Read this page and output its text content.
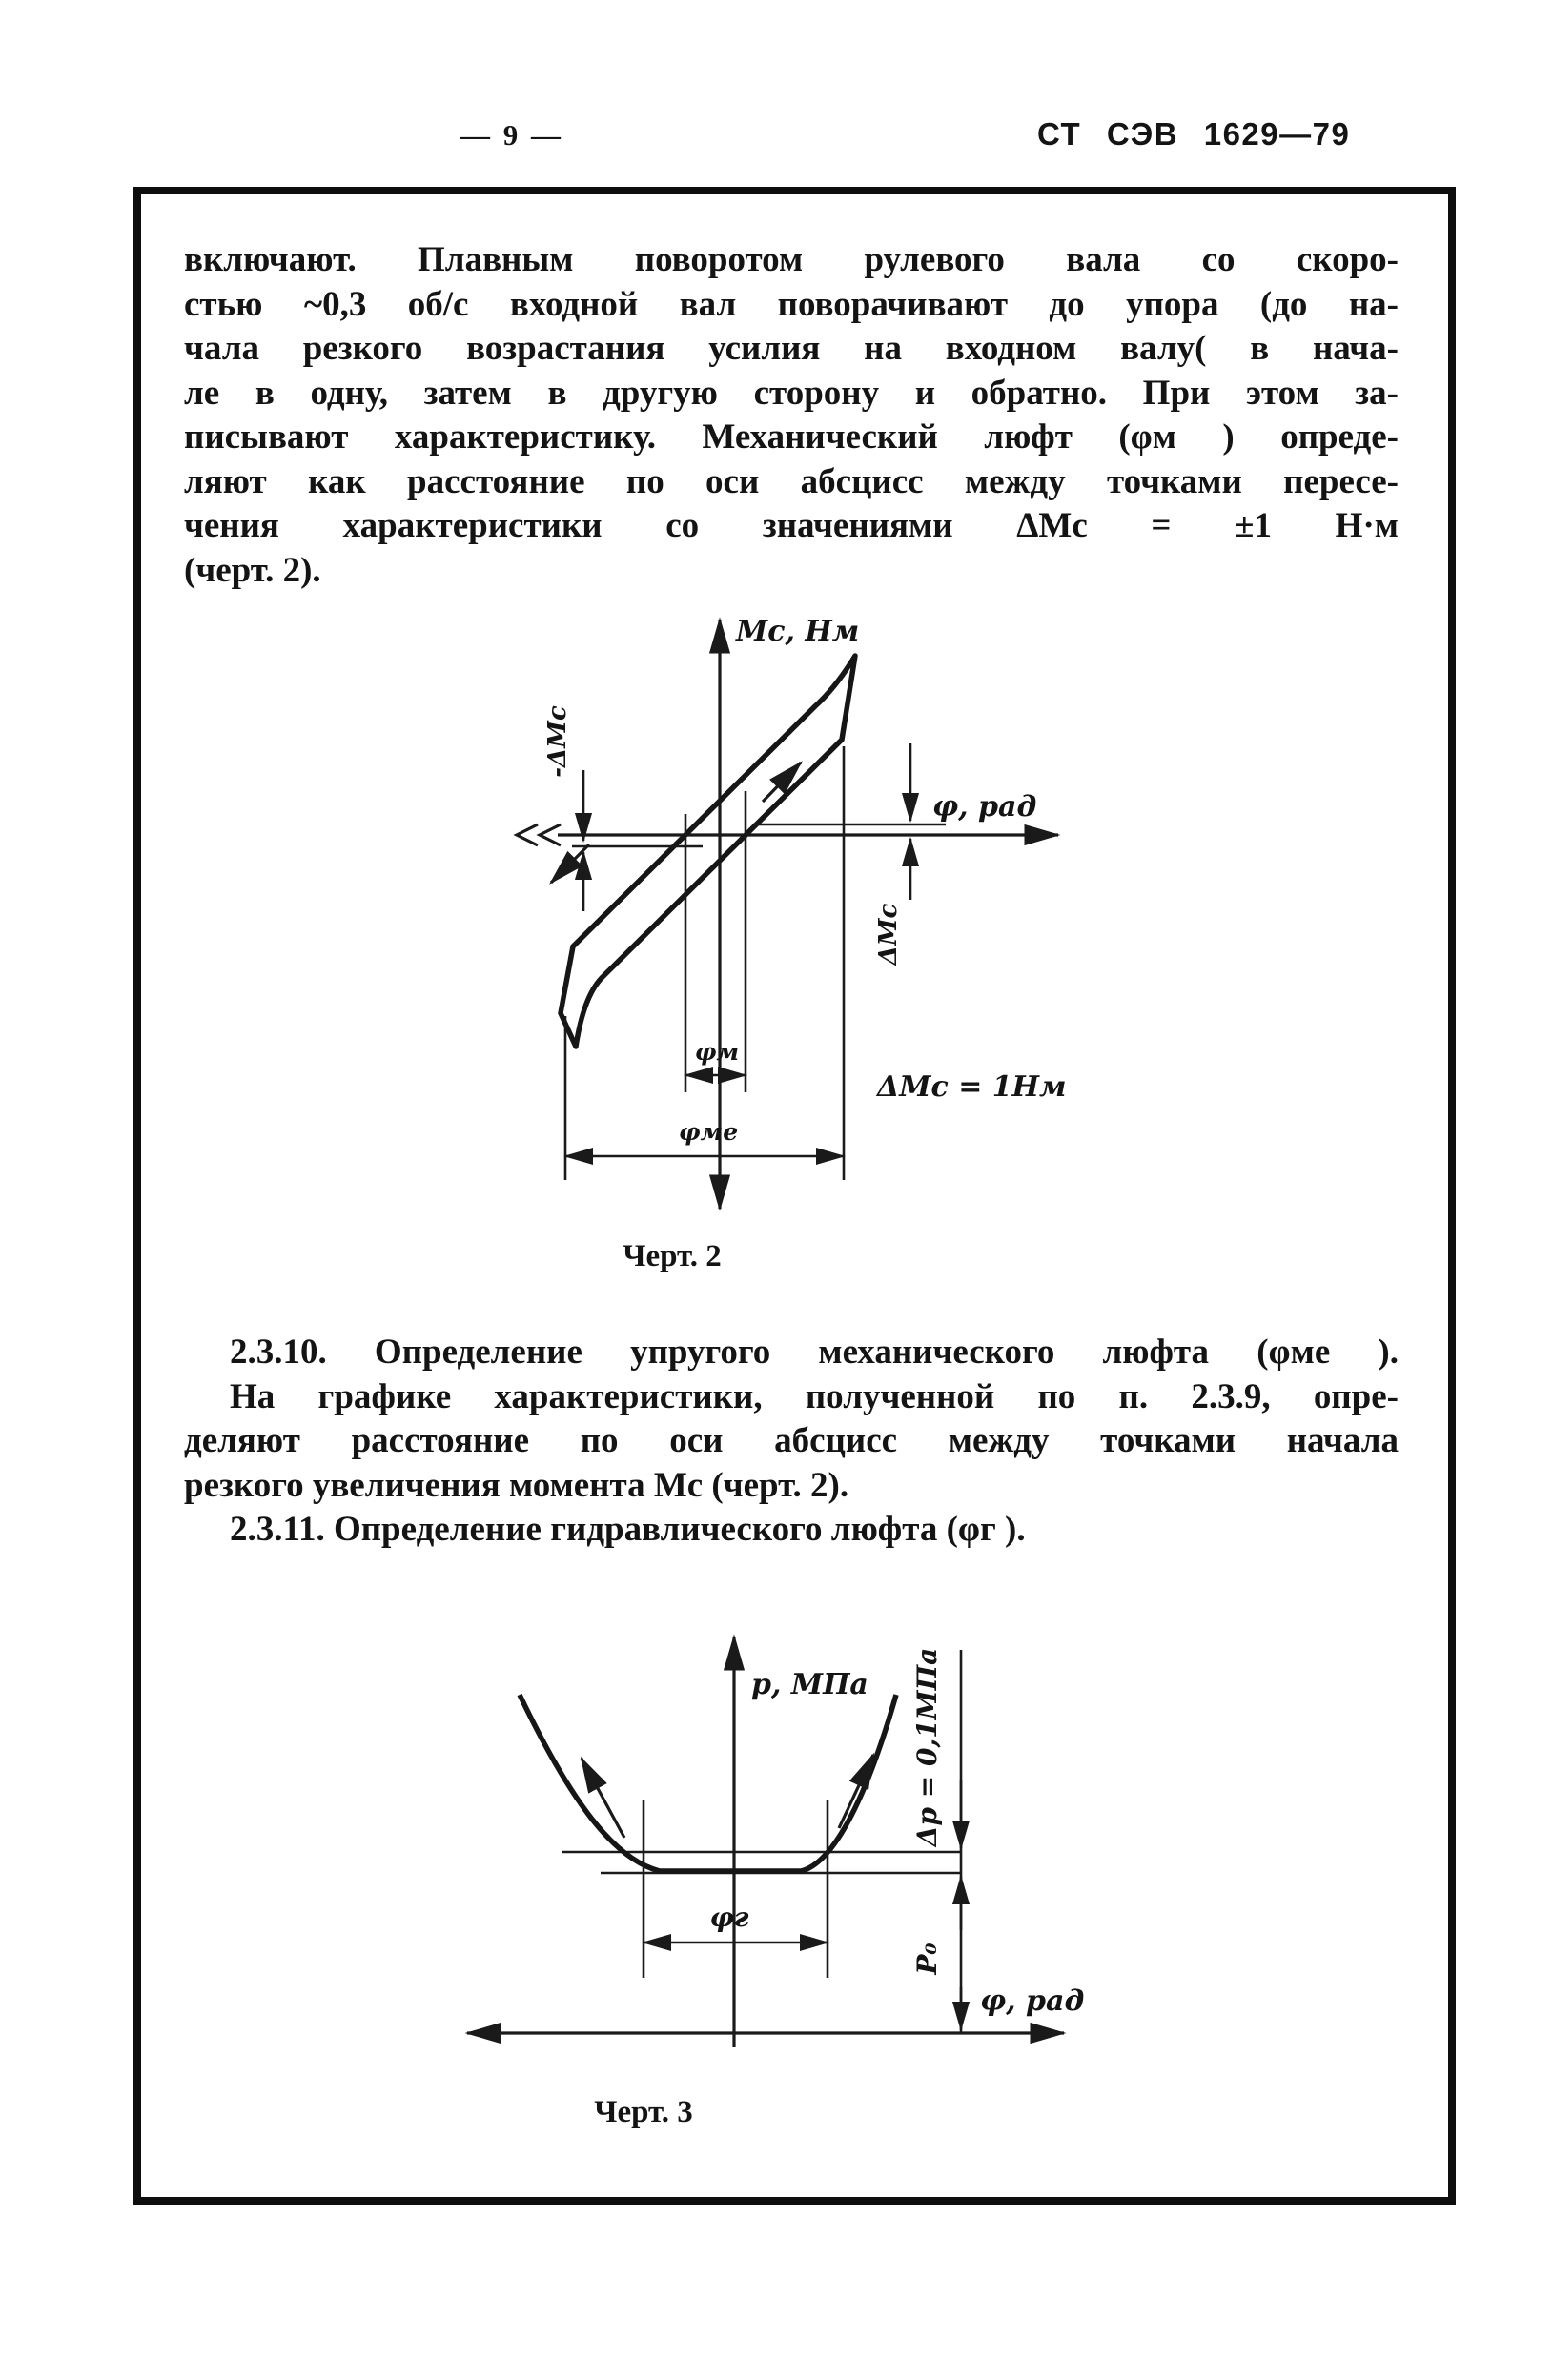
— 9 —	СТ СЭВ 1629—79
включают. Плавным поворотом рулевого вала со скоро-
стью ~0,3 об/с входной вал поворачивают до упора (до на-
чала резкого возрастания усилия на входном валу( в нача-
ле в одну, затем в другую сторону и обратно. При этом за-
писывают характеристику. Механический люфт (φм ) опреде-
ляют как расстояние по оси абсцисс между точками пересе-
чения характеристики со значениями ΔМс = ±1 Н·м
(черт. 2).
-ΔМс
ΔМс
φм
φме
Мс, Нм
φ, рад
ΔМс = 1Нм
Черт. 2
2.3.10. Определение упругого механического люфта (φме ).
На графике характеристики, полученной по п. 2.3.9, опре-
деляют расстояние по оси абсцисс между точками начала
резкого увеличения момента Мс (черт. 2).
2.3.11. Определение гидравлического люфта (φг ).
φг
Δр = 0,1МПа
Р₀
р, МПа
φ, рад
Черт. 3
